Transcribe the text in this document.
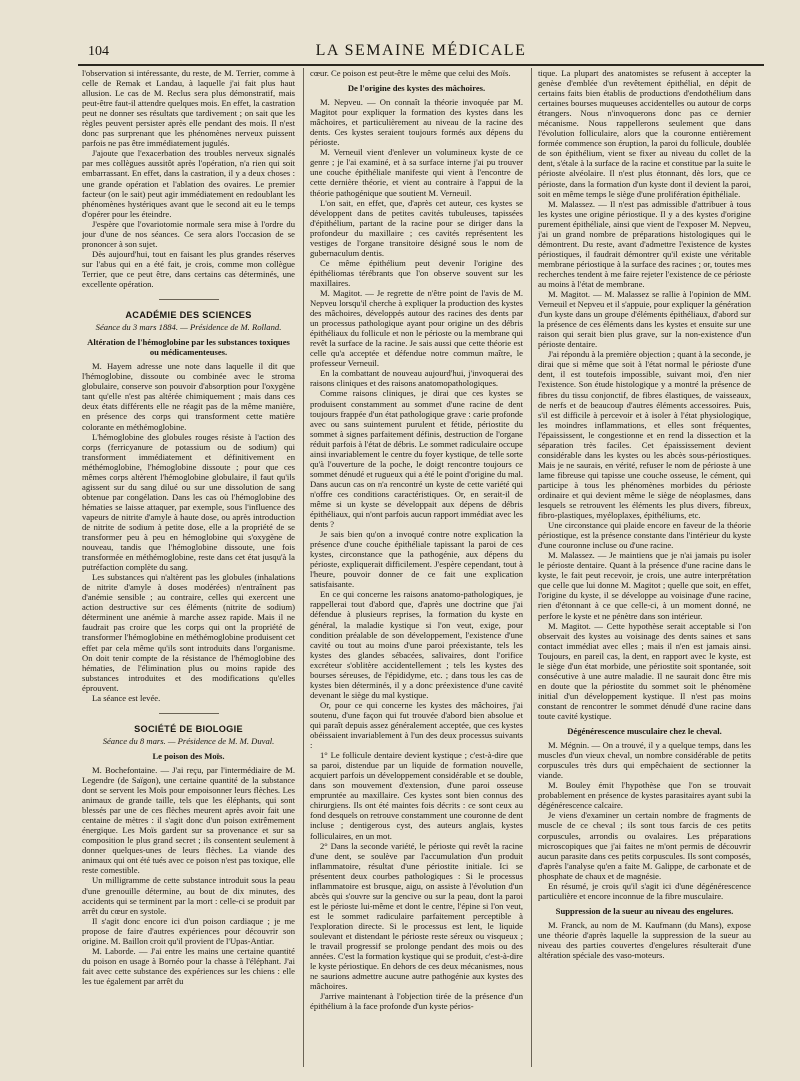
104	LA SEMAINE MÉDICALE

l'observation si intéressante, du reste, de M. Terrier, comme à celle de Remak et Landau, à laquelle j'ai fait plus haut allusion. Le cas de M. Reclus sera plus démonstratif, mais peut-être faut-il attendre quelques mois. En effet, la castration peut ne donner ses résultats que tardivement ; on sait que les règles peuvent persister après elle pendant des mois. Il n'est donc pas surprenant que les phénomènes nerveux puissent parfois ne pas être immédiatement jugulés.

J'ajoute que l'exacerbation des troubles nerveux signalés par mes collègues aussitôt après l'opération, n'a rien qui soit embarrassant. En effet, dans la castration, il y a deux choses : une grande opération et l'ablation des ovaires. Le premier facteur (on le sait) peut agir immédiatement en redoublant les phénomènes hystériques avant que le second ait eu le temps d'opérer pour les éteindre.

J'espère que l'ovariotomie normale sera mise à l'ordre du jour d'une de nos séances. Ce sera alors l'occasion de se prononcer à son sujet.

Dès aujourd'hui, tout en faisant les plus grandes réserves sur l'abus qui en a été fait, je crois, comme mon collègue Terrier, que ce peut être, dans certains cas déterminés, une excellente opération.

ACADÉMIE DES SCIENCES

Séance du 3 mars 1884. — Présidence de M. Rolland.

Altération de l'hémoglobine par les substances toxiques ou médicamenteuses.

M. Hayem adresse une note dans laquelle il dit que l'hémoglobine, dissoute ou combinée avec le stroma globulaire, conserve son pouvoir d'absorption pour l'oxygène tant qu'elle n'est pas altérée chimiquement ; mais dans ces deux états différents elle ne réagit pas de la même manière, en présence des corps qui transforment cette matière colorante en méthémoglobine.

L'hémoglobine des globules rouges résiste à l'action des corps (ferricyanure de potassium ou de sodium) qui transforment immédiatement et définitivement en méthémoglobine, l'hémoglobine dissoute ; pour que ces mêmes corps altèrent l'hémoglobine globulaire, il faut qu'ils agissent sur du sang dilué ou sur une dissolution de sang obtenue par congélation. Dans les cas où l'hémoglobine des hématies se laisse attaquer, par exemple, sous l'influence des vapeurs de nitrite d'amyle à haute dose, ou après introduction de nitrite de sodium à petite dose, elle a la propriété de se transformer peu à peu en hémoglobine qui s'oxygène de nouveau, tandis que l'hémoglobine dissoute, une fois transformée en méthémoglobine, reste dans cet état jusqu'à la putréfaction complète du sang.

Les substances qui n'altèrent pas les globules (inhalations de nitrite d'amyle à doses modérées) n'entraînent pas d'anémie sensible ; au contraire, celles qui exercent une action destructive sur ces éléments (nitrite de sodium) déterminent une anémie à marche assez rapide. Mais il ne faudrait pas croire que les corps qui ont la propriété de transformer l'hémoglobine en méthémoglobine produisent cet effet par cela même qu'ils sont introduits dans l'organisme. On doit tenir compte de la résistance de l'hémoglobine des hématies, de l'élimination plus ou moins rapide des substances introduites et des modifications qu'elles éprouvent.

La séance est levée.

SOCIÉTÉ DE BIOLOGIE

Séance du 8 mars. — Présidence de M. M. Duval.

Le poison des Moïs.

M. Bochefontaine. — J'ai reçu, par l'intermédiaire de M. Legendre (de Saïgon), une certaine quantité de la substance dont se servent les Moïs pour empoisonner leurs flèches. Les animaux de grande taille, tels que les éléphants, qui sont blessés par une de ces flèches meurent après avoir fait une centaine de mètres : il s'agit donc d'un poison extrêmement énergique. Les Moïs gardent sur sa provenance et sur sa composition le plus grand secret ; ils consentent seulement à donner quelques-unes de leurs flèches. La viande des animaux qui ont été tués avec ce poison n'est pas toxique, elle reste comestible.

Un milligramme de cette substance introduit sous la peau d'une grenouille détermine, au bout de dix minutes, des accidents qui se terminent par la mort : celle-ci se produit par arrêt du cœur en systole.

Il s'agit donc encore ici d'un poison cardiaque ; je me propose de faire d'autres expériences pour découvrir son origine. M. Baillon croit qu'il provient de l'Upas-Antiar.

M. Laborde. — J'ai entre les mains une certaine quantité du poison en usage à Bornéo pour la chasse à l'éléphant. J'ai fait avec cette substance des expériences sur les chiens : elle les tue également par arrêt du

cœur. Ce poison est peut-être le même que celui des Moïs.

De l'origine des kystes des mâchoires.

M. Nepveu. — On connaît la théorie invoquée par M. Magitot pour expliquer la formation des kystes dans les mâchoires, et particulièrement au niveau de la racine des dents. Ces kystes seraient toujours formés aux dépens du périoste.

M. Verneuil vient d'enlever un volumineux kyste de ce genre ; je l'ai examiné, et à sa surface interne j'ai pu trouver une couche épithéliale manifeste qui vient à l'encontre de cette dernière théorie, et vient au contraire à l'appui de la théorie pathogénique que soutient M. Verneuil.

L'on sait, en effet, que, d'après cet auteur, ces kystes se développent dans de petites cavités tubuleuses, tapissées d'épithélium, partant de la racine pour se diriger dans la profondeur du maxillaire ; ces cavités représentent les vestiges de l'organe transitoire désigné sous le nom de gubernaculum dentis.

Ce même épithélium peut devenir l'origine des épithéliomas térébrants que l'on observe souvent sur les maxillaires.

M. Magitot. — Je regrette de n'être point de l'avis de M. Nepveu lorsqu'il cherche à expliquer la production des kystes des mâchoires, développés autour des racines des dents par un processus pathologique ayant pour origine un des débris épithéliaux du follicule et non le périoste ou la membrane qui revêt la surface de la racine. Je sais aussi que cette théorie est celle qu'a acceptée et défendue notre commun maître, le professeur Verneuil.

En la combattant de nouveau aujourd'hui, j'invoquerai des raisons cliniques et des raisons anatomopathologiques.

Comme raisons cliniques, je dirai que ces kystes se produisent constamment au sommet d'une racine de dent toujours frappée d'un état pathologique grave : carie profonde avec ou sans suintement purulent et fétide, périostite du sommet à signes parfaitement définis, destruction de l'organe réduit parfois à l'état de débris. Le sommet radiculaire occupe ainsi invariablement le centre du foyer kystique, de telle sorte qu'à l'ouverture de la poche, le doigt rencontre toujours ce sommet dénudé et rugueux qui a été le point d'origine du mal. Dans aucun cas on n'a rencontré un kyste de cette variété qui n'offre ces conditions caractéristiques. Or, en serait-il de même si un kyste se développait aux dépens de débris épithéliaux, qui n'ont parfois aucun rapport immédiat avec les dents ?

Je sais bien qu'on a invoqué contre notre explication la présence d'une couche épithéliale tapissant la paroi de ces kystes, circonstance que la pathogénie, aux dépens du périoste, expliquerait difficilement. J'espère cependant, tout à l'heure, pouvoir donner de ce fait une explication satisfaisante.

En ce qui concerne les raisons anatomo-pathologiques, je rappellerai tout d'abord que, d'après une doctrine que j'ai défendue à plusieurs reprises, la formation du kyste en général, la maladie kystique si l'on veut, exige, pour condition préalable de son développement, l'existence d'une cavité ou tout au moins d'une paroi préexistante, tels les kystes des glandes sébacées, salivaires, dont l'orifice excréteur s'oblitère accidentellement ; tels les kystes des bourses séreuses, de l'épididyme, etc. ; dans tous les cas de kystes bien déterminés, il y a donc préexistence d'une cavité devenant le siège du mal kystique.

Or, pour ce qui concerne les kystes des mâchoires, j'ai soutenu, d'une façon qui fut trouvée d'abord bien absolue et qui paraît depuis assez généralement acceptée, que ces kystes obéissaient invariablement à l'un des deux processus suivants :

1° Le follicule dentaire devient kystique ; c'est-à-dire que sa paroi, distendue par un liquide de formation nouvelle, acquiert parfois un développement considérable et se double, dans son mouvement d'extension, d'une paroi osseuse empruntée au maxillaire. Ces kystes sont bien connus des chirurgiens. Ils ont été maintes fois décrits : ce sont ceux au fond desquels on retrouve constamment une couronne de dent incluse ; dentigerous cyst, des auteurs anglais, kystes folliculaires, en un mot.

2° Dans la seconde variété, le périoste qui revêt la racine d'une dent, se soulève par l'accumulation d'un produit inflammatoire, résultat d'une périostite initiale. Ici se présentent deux courbes pathologiques : Si le processus inflammatoire est brusque, aigu, on assiste à l'évolution d'un abcès qui s'ouvre sur la gencive ou sur la peau, dont la paroi est le périoste lui-même et dont le centre, l'épine si l'on veut, est le sommet radiculaire parfaitement perceptible à l'exploration directe. Si le processus est lent, le liquide soulevant et distendant le périoste reste séreux ou visqueux ; le travail progressif se prolonge pendant des mois ou des années. C'est la formation kystique qui se produit, c'est-à-dire le kyste périostique. En dehors de ces deux mécanismes, nous ne saurions admettre aucune autre pathogénie aux kystes des mâchoires.

J'arrive maintenant à l'objection tirée de la présence d'un épithélium à la face profonde d'un kyste périos-

tique. La plupart des anatomistes se refusent à accepter la genèse d'emblée d'un revêtement épithélial, en dépit de certains faits bien établis de productions d'endothélium dans certaines bourses muqueuses accidentelles ou autour de corps étrangers. Nous n'invoquerons donc pas ce dernier mécanisme. Nous rappellerons seulement que dans l'évolution folliculaire, alors que la couronne entièrement formée commence son éruption, la paroi du follicule, doublée de son épithélium, vient se fixer au niveau du collet de la dent, s'étale à la surface de la racine et constitue par la suite le périoste alvéolaire. Il n'est plus étonnant, dès lors, que ce périoste, dans la formation d'un kyste dont il devient la paroi, soit en même temps le siège d'une prolifération épithéliale.

M. Malassez. — Il n'est pas admissible d'attribuer à tous les kystes une origine périostique. Il y a des kystes d'origine purement épithéliale, ainsi que vient de l'exposer M. Nepveu, j'ai un grand nombre de préparations histologiques qui le démontrent. Du reste, avant d'admettre l'existence de kystes périostiques, il faudrait démontrer qu'il existe une véritable membrane périostique à la surface des racines ; or, toutes mes recherches tendent à me faire rejeter l'existence de ce périoste au moins à l'état de membrane.

M. Magitot. — M. Malassez se rallie à l'opinion de MM. Verneuil et Nepveu et il s'appuie, pour expliquer la génération d'un kyste dans un groupe d'éléments épithéliaux, d'abord sur la présence de ces éléments dans les kystes et ensuite sur une raison qui serait bien plus grave, sur la non-existence d'un périoste dentaire.

J'ai répondu à la première objection ; quant à la seconde, je dirai que si même que soit à l'état normal le périoste d'une dent, il est toutefois impossible, suivant moi, d'en nier l'existence. Son étude histologique y a montré la présence de fibres du tissu conjonctif, de fibres élastiques, de vaisseaux, de nerfs et de beaucoup d'autres éléments accessoires. Puis, s'il est difficile à percevoir et à isoler à l'état physiologique, les moindres inflammations, et elles sont fréquentes, l'épaississent, le congestionne et en rend la dissection et la séparation très faciles. Cet épaississement devient considérable dans les kystes ou les abcès sous-périostiques. Mais je ne saurais, en vérité, refuser le nom de périoste à une lame fibreuse qui tapisse une couche osseuse, le cément, qui participe à tous les phénomènes morbides du périoste ordinaire et qui devient même le siège de néoplasmes, dans lesquels se retrouvent les éléments les plus divers, fibreux, fibro-plastiques, myéloplaxes, épithéliums, etc.

Une circonstance qui plaide encore en faveur de la théorie périostique, est la présence constante dans l'intérieur du kyste d'une couronne incluse ou d'une racine.

M. Malassez. — Je maintiens que je n'ai jamais pu isoler le périoste dentaire. Quant à la présence d'une racine dans le kyste, le fait peut recevoir, je crois, une autre interprétation que celle que lui donne M. Magitot ; quelle que soit, en effet, l'origine du kyste, il se développe au voisinage d'une racine, rien d'étonnant à ce que celle-ci, à un moment donné, ne perfore le kyste et ne pénètre dans son intérieur.

M. Magitot. — Cette hypothèse serait acceptable si l'on observait des kystes au voisinage des dents saines et sans contact immédiat avec elles ; mais il n'en est jamais ainsi. Toujours, en pareil cas, la dent, en rapport avec le kyste, est le siège d'un état morbide, une périostite soit spontanée, soit consécutive à une autre maladie. Il ne saurait donc être mis en doute que la périostite du sommet soit le phénomène initial d'un développement kystique. Il n'est pas moins constant de rencontrer le sommet dénudé d'une racine dans toute cavité kystique.

Dégénérescence musculaire chez le cheval.

M. Mégnin. — On a trouvé, il y a quelque temps, dans les muscles d'un vieux cheval, un nombre considérable de petits corpuscules très durs qui empêchaient de sectionner la viande.

M. Bouley émit l'hypothèse que l'on se trouvait probablement en présence de kystes parasitaires ayant subi la dégénérescence calcaire.

Je viens d'examiner un certain nombre de fragments de muscle de ce cheval ; ils sont tous farcis de ces petits corpuscules, arrondis ou ovalaires. Les préparations microscopiques que j'ai faites ne m'ont permis de découvrir aucun parasite dans ces petits corpuscules. Ils sont composés, d'après l'analyse qu'en a faite M. Galippe, de carbonate et de phosphate de chaux et de magnésie.

En résumé, je crois qu'il s'agit ici d'une dégénérescence particulière et encore inconnue de la fibre musculaire.

Suppression de la sueur au niveau des engelures.

M. Franck, au nom de M. Kaufmann (du Mans), expose une théorie d'après laquelle la suppression de la sueur au niveau des parties couvertes d'engelures résulterait d'une altération spéciale des vaso-moteurs.
